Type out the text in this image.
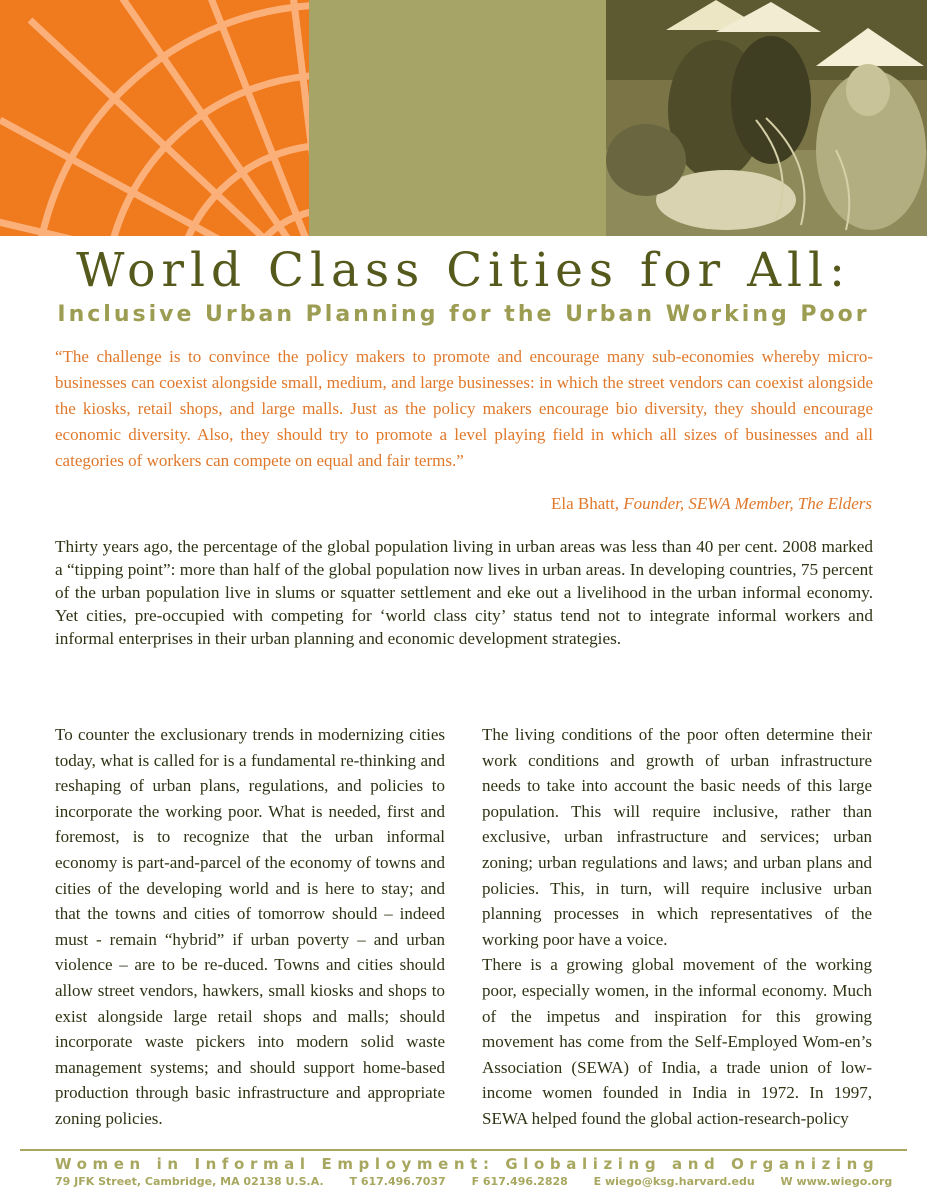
World Class Cities for All:
Inclusive Urban Planning for the Urban Working Poor

“The challenge is to convince the policy makers to promote and encourage many sub-economies whereby micro-businesses can coexist alongside small, medium, and large businesses: in which the street vendors can coexist alongside the kiosks, retail shops, and large malls. Just as the policy makers encourage bio diversity, they should encourage economic diversity. Also, they should try to promote a level playing field in which all sizes of businesses and all categories of workers can compete on equal and fair terms.”

Ela Bhatt, Founder, SEWA Member, The Elders

Thirty years ago, the percentage of the global population living in urban areas was less than 40 per cent. 2008 marked a “tipping point”: more than half of the global population now lives in urban areas. In developing countries, 75 percent of the urban population live in slums or squatter settlement and eke out a livelihood in the urban informal economy. Yet cities, pre-occupied with competing for ‘world class city’ status tend not to integrate informal workers and informal enterprises in their urban planning and economic development strategies.

To counter the exclusionary trends in modernizing cities today, what is called for is a fundamental re-thinking and reshaping of urban plans, regulations, and policies to incorporate the working poor. What is needed, first and foremost, is to recognize that the urban informal economy is part-and-parcel of the economy of towns and cities of the developing world and is here to stay; and that the towns and cities of tomorrow should – indeed must - remain “hybrid” if urban poverty – and urban violence – are to be re-duced. Towns and cities should allow street vendors, hawkers, small kiosks and shops to exist alongside large retail shops and malls; should incorporate waste pickers into modern solid waste management systems; and should support home-based production through basic infrastructure and appropriate zoning policies.

The living conditions of the poor often determine their work conditions and growth of urban infrastructure needs to take into account the basic needs of this large population. This will require inclusive, rather than exclusive, urban infrastructure and services; urban zoning; urban regulations and laws; and urban plans and policies. This, in turn, will require inclusive urban planning processes in which representatives of the working poor have a voice.

There is a growing global movement of the working poor, especially women, in the informal economy. Much of the impetus and inspiration for this growing movement has come from the Self-Employed Wom-en’s Association (SEWA) of India, a trade union of low-income women founded in India in 1972. In 1997, SEWA helped found the global action-research-policy

Women in Informal Employment: Globalizing and Organizing
79 JFK Street, Cambridge, MA 02138 U.S.A. T 617.496.7037 F 617.496.2828 E wiego@ksg.harvard.edu W www.wiego.org
